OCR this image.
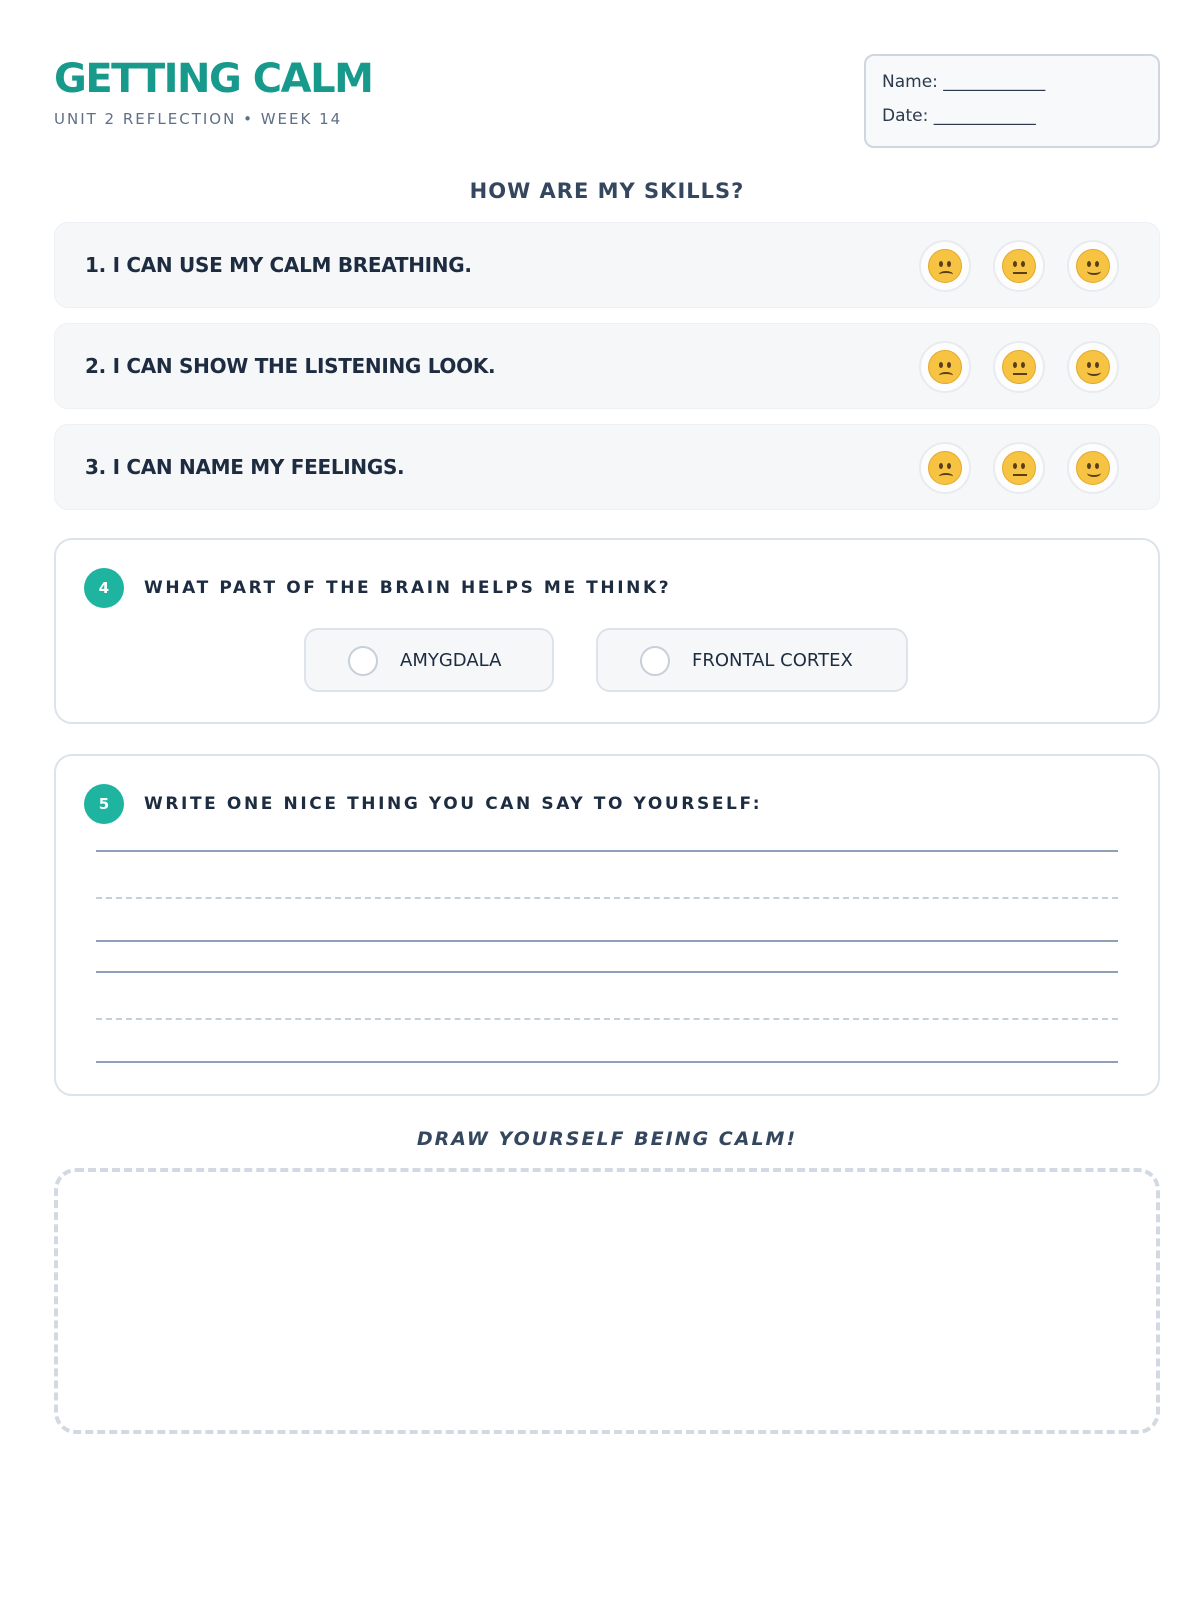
GETTING CALM
UNIT 2 REFLECTION • WEEK 14
Name: ____________
Date: ____________
HOW ARE MY SKILLS?
1. I CAN USE MY CALM BREATHING.
2. I CAN SHOW THE LISTENING LOOK.
3. I CAN NAME MY FEELINGS.
4	WHAT PART OF THE BRAIN HELPS ME THINK?
AMYGDALA	FRONTAL CORTEX
5	WRITE ONE NICE THING YOU CAN SAY TO YOURSELF:
DRAW YOURSELF BEING CALM!
